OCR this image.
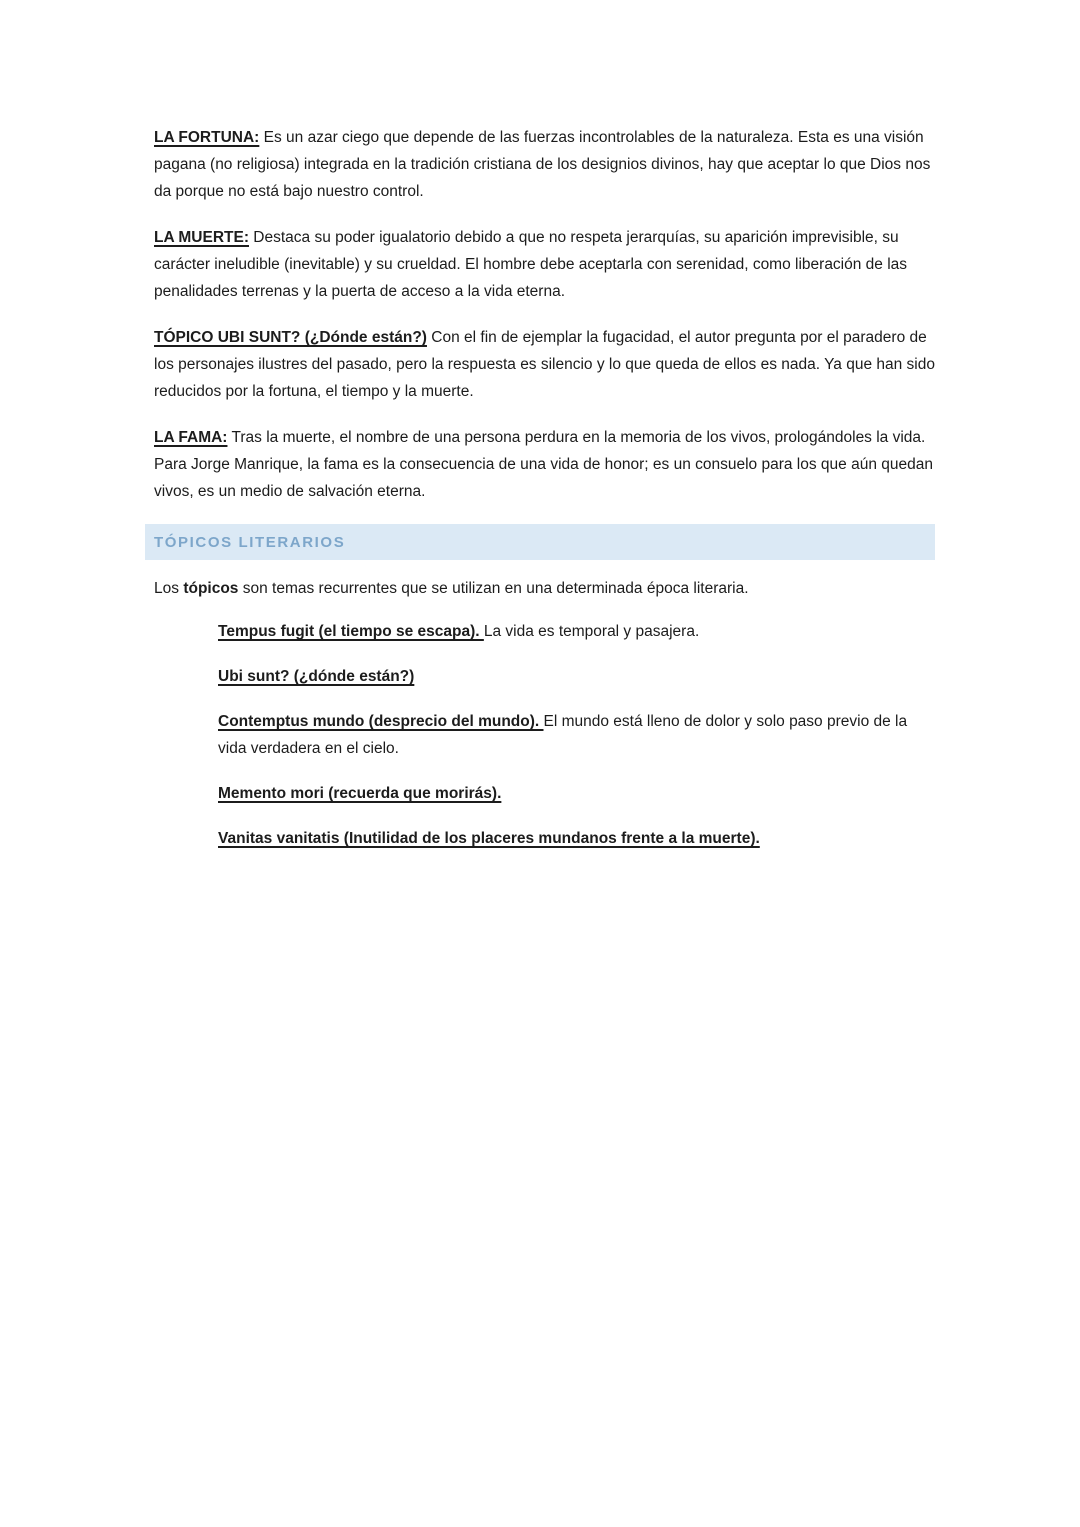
LA FORTUNA: Es un azar ciego que depende de las fuerzas incontrolables de la naturaleza. Esta es una visión pagana (no religiosa) integrada en la tradición cristiana de los designios divinos, hay que aceptar lo que Dios nos da porque no está bajo nuestro control.

LA MUERTE: Destaca su poder igualatorio debido a que no respeta jerarquías, su aparición imprevisible, su carácter ineludible (inevitable) y su crueldad. El hombre debe aceptarla con serenidad, como liberación de las penalidades terrenas y la puerta de acceso a la vida eterna.

TÓPICO UBI SUNT? (¿Dónde están?) Con el fin de ejemplar la fugacidad, el autor pregunta por el paradero de los personajes ilustres del pasado, pero la respuesta es silencio y lo que queda de ellos es nada. Ya que han sido reducidos por la fortuna, el tiempo y la muerte.

LA FAMA: Tras la muerte, el nombre de una persona perdura en la memoria de los vivos, prologándoles la vida. Para Jorge Manrique, la fama es la consecuencia de una vida de honor; es un consuelo para los que aún quedan vivos, es un medio de salvación eterna.

TÓPICOS LITERARIOS

Los tópicos son temas recurrentes que se utilizan en una determinada época literaria.

Tempus fugit (el tiempo se escapa). La vida es temporal y pasajera.

Ubi sunt? (¿dónde están?)

Contemptus mundo (desprecio del mundo). El mundo está lleno de dolor y solo paso previo de la vida verdadera en el cielo.

Memento mori (recuerda que morirás).

Vanitas vanitatis (Inutilidad de los placeres mundanos frente a la muerte).
